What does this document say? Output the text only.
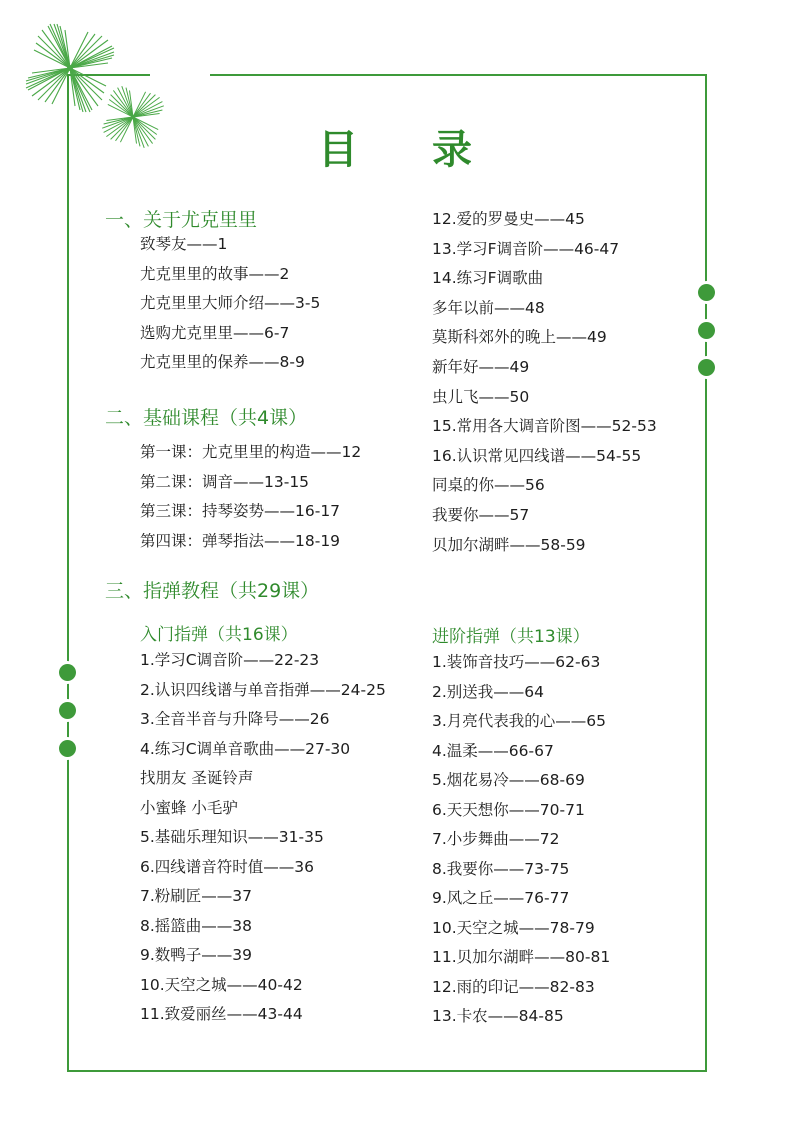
目 录
一、关于尤克里里
二、基础课程（共4课）
三、指弹教程（共29课）
入门指弹（共16课）	进阶指弹（共13课）
致琴友——1
尤克里里的故事——2
尤克里里大师介绍——3-5
选购尤克里里——6-7
尤克里里的保养——8-9
第一课：尤克里里的构造——12
第二课：调音——13-15
第三课：持琴姿势——16-17
第四课：弹琴指法——18-19
12.爱的罗曼史——45
13.学习F调音阶——46-47
14.练习F调歌曲
多年以前——48
莫斯科郊外的晚上——49
新年好——49
虫儿飞——50
15.常用各大调音阶图——52-53
16.认识常见四线谱——54-55
同桌的你——56
我要你——57
贝加尔湖畔——58-59
1.学习C调音阶——22-23
2.认识四线谱与单音指弹——24-25
3.全音半音与升降号——26
4.练习C调单音歌曲——27-30
找朋友 圣诞铃声
小蜜蜂 小毛驴
5.基础乐理知识——31-35
6.四线谱音符时值——36
7.粉刷匠——37
8.摇篮曲——38
9.数鸭子——39
10.天空之城——40-42
11.致爱丽丝——43-44
1.装饰音技巧——62-63
2.别送我——64
3.月亮代表我的心——65
4.温柔——66-67
5.烟花易冷——68-69
6.天天想你——70-71
7.小步舞曲——72
8.我要你——73-75
9.风之丘——76-77
10.天空之城——78-79
11.贝加尔湖畔——80-81
12.雨的印记——82-83
13.卡农——84-85
